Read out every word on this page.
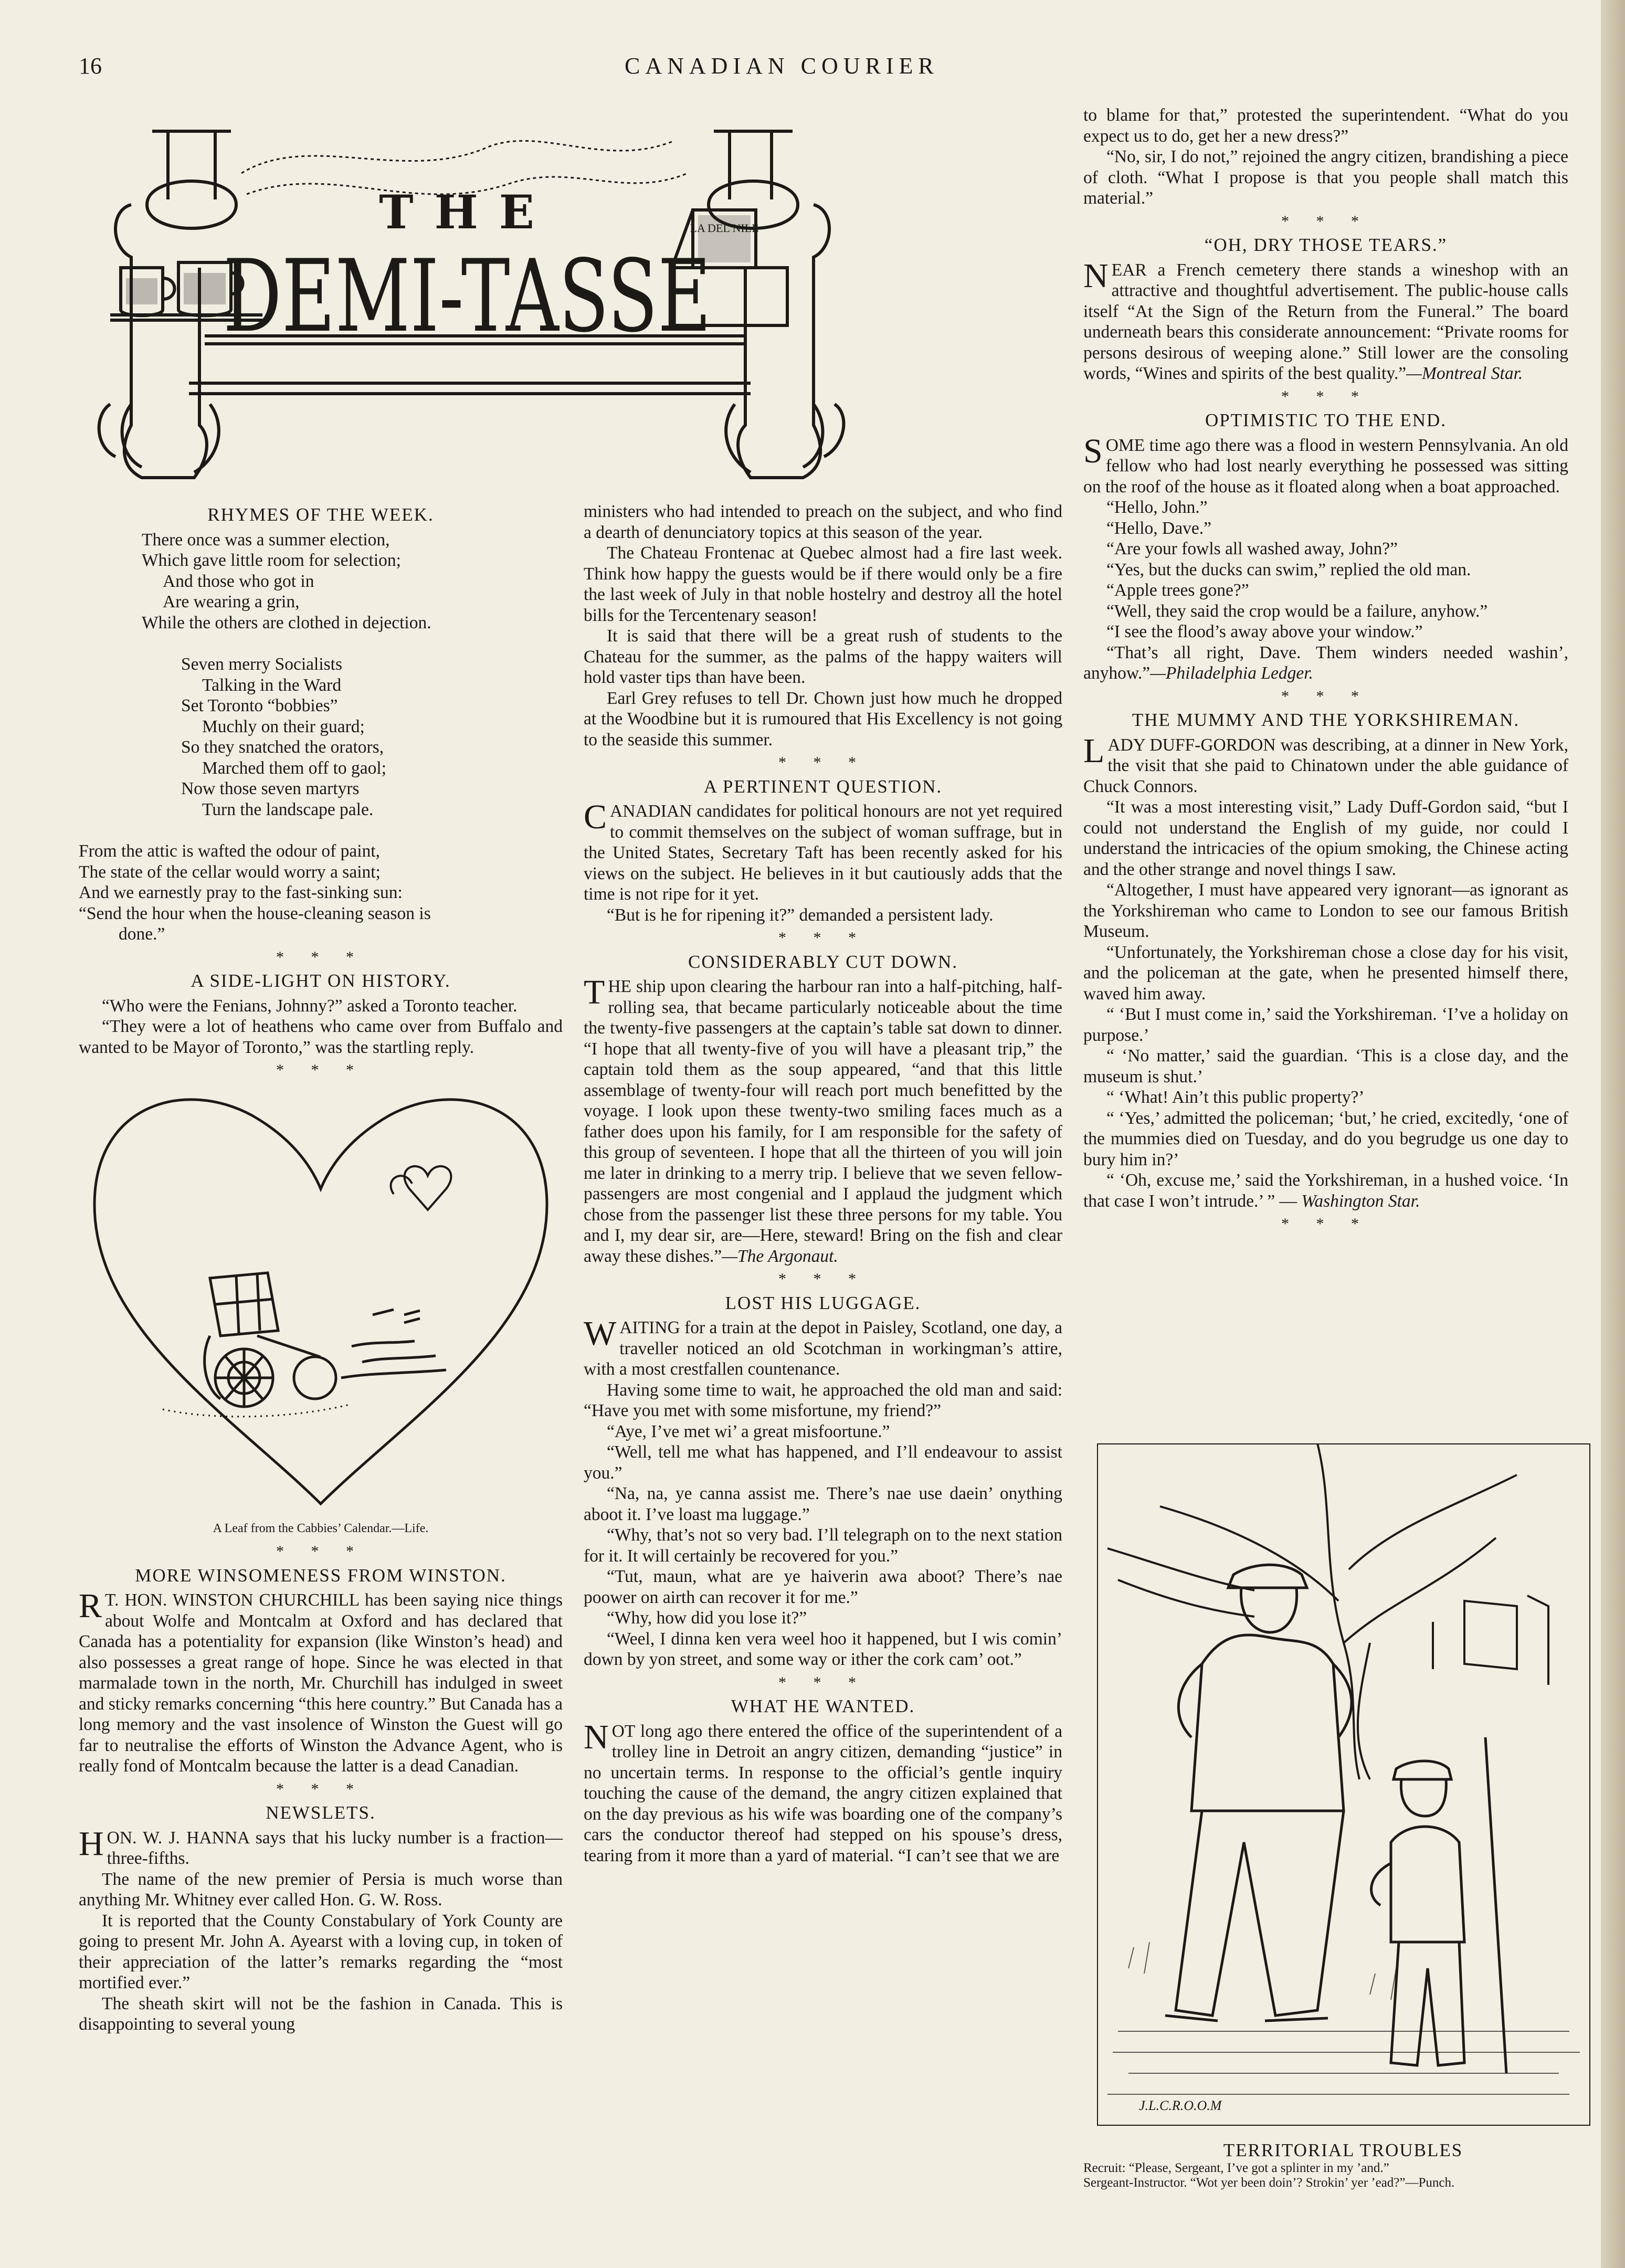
16	CANADIAN COURIER
LA DEL NILE
THE
DEMI-TASSE
RHYMES OF THE WEEK.
There once was a summer election,
Which gave little room for selection;
And those who got in
Are wearing a grin,
While the others are clothed in dejection.
Seven merry Socialists
Talking in the Ward
Set Toronto “bobbies”
Muchly on their guard;
So they snatched the orators,
Marched them off to gaol;
Now those seven martyrs
Turn the landscape pale.
From the attic is wafted the odour of paint,
The state of the cellar would worry a saint;
And we earnestly pray to the fast-sinking sun:
“Send the hour when the house-cleaning season is
done.”
* * *
A SIDE-LIGHT ON HISTORY.

“Who were the Fenians, Johnny?” asked a Toronto teacher.

“They were a lot of heathens who came over from Buffalo and wanted to be Mayor of Toronto,” was the startling reply.

* * *
A Leaf from the Cabbies’ Calendar.—Life.
* * *
MORE WINSOMENESS FROM WINSTON.

R T. HON. WINSTON CHURCHILL has been saying nice things about Wolfe and Montcalm at Oxford and has declared that Canada has a potentiality for expansion (like Winston’s head) and also possesses a great range of hope. Since he was elected in that marmalade town in the north, Mr. Churchill has indulged in sweet and sticky remarks concerning “this here country.” But Canada has a long memory and the vast insolence of Winston the Guest will go far to neutralise the efforts of Winston the Advance Agent, who is really fond of Montcalm because the latter is a dead Canadian.

* * *
NEWSLETS.

HON. W. J. HANNA says that his lucky number is a fraction—three-fifths.

The name of the new premier of Persia is much worse than anything Mr. Whitney ever called Hon. G. W. Ross.

It is reported that the County Constabulary of York County are going to present Mr. John A. Ayearst with a loving cup, in token of their appreciation of the latter’s remarks regarding the “most mortified ever.”

The sheath skirt will not be the fashion in Canada. This is disappointing to several young

ministers who had intended to preach on the subject, and who find a dearth of denunciatory topics at this season of the year.

The Chateau Frontenac at Quebec almost had a fire last week. Think how happy the guests would be if there would only be a fire the last week of July in that noble hostelry and destroy all the hotel bills for the Tercentenary season!

It is said that there will be a great rush of students to the Chateau for the summer, as the palms of the happy waiters will hold vaster tips than have been.

Earl Grey refuses to tell Dr. Chown just how much he dropped at the Woodbine but it is rumoured that His Excellency is not going to the seaside this summer.

* * *
A PERTINENT QUESTION.

CANADIAN candidates for political honours are not yet required to commit themselves on the subject of woman suffrage, but in the United States, Secretary Taft has been recently asked for his views on the subject. He believes in it but cautiously adds that the time is not ripe for it yet.

“But is he for ripening it?” demanded a persistent lady.

* * *
CONSIDERABLY CUT DOWN.

THE ship upon clearing the harbour ran into a half-pitching, half-rolling sea, that became particularly noticeable about the time the twenty-five passengers at the captain’s table sat down to dinner. “I hope that all twenty-five of you will have a pleasant trip,” the captain told them as the soup appeared, “and that this little assemblage of twenty-four will reach port much benefitted by the voyage. I look upon these twenty-two smiling faces much as a father does upon his family, for I am responsible for the safety of this group of seventeen. I hope that all the thirteen of you will join me later in drinking to a merry trip. I believe that we seven fellow-passengers are most congenial and I applaud the judgment which chose from the passenger list these three persons for my table. You and I, my dear sir, are—Here, steward! Bring on the fish and clear away these dishes.”—The Argonaut.

* * *
LOST HIS LUGGAGE.

WAITING for a train at the depot in Paisley, Scotland, one day, a traveller noticed an old Scotchman in workingman’s attire, with a most crestfallen countenance.

Having some time to wait, he approached the old man and said: “Have you met with some misfortune, my friend?”

“Aye, I’ve met wi’ a great misfoortune.”

“Well, tell me what has happened, and I’ll endeavour to assist you.”

“Na, na, ye canna assist me. There’s nae use daein’ onything aboot it. I’ve loast ma luggage.”

“Why, that’s not so very bad. I’ll telegraph on to the next station for it. It will certainly be recovered for you.”

“Tut, maun, what are ye haiverin awa aboot? There’s nae poower on airth can recover it for me.”

“Why, how did you lose it?”

“Weel, I dinna ken vera weel hoo it happened, but I wis comin’ down by yon street, and some way or ither the cork cam’ oot.”

* * *
WHAT HE WANTED.

NOT long ago there entered the office of the superintendent of a trolley line in Detroit an angry citizen, demanding “justice” in no uncertain terms. In response to the official’s gentle inquiry touching the cause of the demand, the angry citizen explained that on the day previous as his wife was boarding one of the company’s cars the conductor thereof had stepped on his spouse’s dress, tearing from it more than a yard of material. “I can’t see that we are

to blame for that,” protested the superintendent. “What do you expect us to do, get her a new dress?”

“No, sir, I do not,” rejoined the angry citizen, brandishing a piece of cloth. “What I propose is that you people shall match this material.”

* * *
“OH, DRY THOSE TEARS.”

NEAR a French cemetery there stands a wineshop with an attractive and thoughtful advertisement. The public-house calls itself “At the Sign of the Return from the Funeral.” The board underneath bears this considerate announcement: “Private rooms for persons desirous of weeping alone.” Still lower are the consoling words, “Wines and spirits of the best quality.”—Montreal Star.

* * *
OPTIMISTIC TO THE END.

SOME time ago there was a flood in western Pennsylvania. An old fellow who had lost nearly everything he possessed was sitting on the roof of the house as it floated along when a boat approached.

“Hello, John.”

“Hello, Dave.”

“Are your fowls all washed away, John?”

“Yes, but the ducks can swim,” replied the old man.

“Apple trees gone?”

“Well, they said the crop would be a failure, anyhow.”

“I see the flood’s away above your window.”

“That’s all right, Dave. Them winders needed washin’, anyhow.”—Philadelphia Ledger.

* * *
THE MUMMY AND THE YORKSHIREMAN.

LADY DUFF-GORDON was describing, at a dinner in New York, the visit that she paid to Chinatown under the able guidance of Chuck Connors.

“It was a most interesting visit,” Lady Duff-Gordon said, “but I could not understand the English of my guide, nor could I understand the intricacies of the opium smoking, the Chinese acting and the other strange and novel things I saw.

“Altogether, I must have appeared very ignorant—as ignorant as the Yorkshireman who came to London to see our famous British Museum.

“Unfortunately, the Yorkshireman chose a close day for his visit, and the policeman at the gate, when he presented himself there, waved him away.

“ ‘But I must come in,’ said the Yorkshireman. ‘I’ve a holiday on purpose.’

“ ‘No matter,’ said the guardian. ‘This is a close day, and the museum is shut.’

“ ‘What! Ain’t this public property?’

“ ‘Yes,’ admitted the policeman; ‘but,’ he cried, excitedly, ‘one of the mummies died on Tuesday, and do you begrudge us one day to bury him in?’

“ ‘Oh, excuse me,’ said the Yorkshireman, in a hushed voice. ‘In that case I won’t intrude.’ ” — Washington Star.

* * *
J.L.C.R.O.O.M
TERRITORIAL TROUBLES
Recruit: “Please, Sergeant, I’ve got a splinter in my ’and.”
Sergeant-Instructor. “Wot yer been doin’? Strokin’ yer ’ead?”—Punch.
